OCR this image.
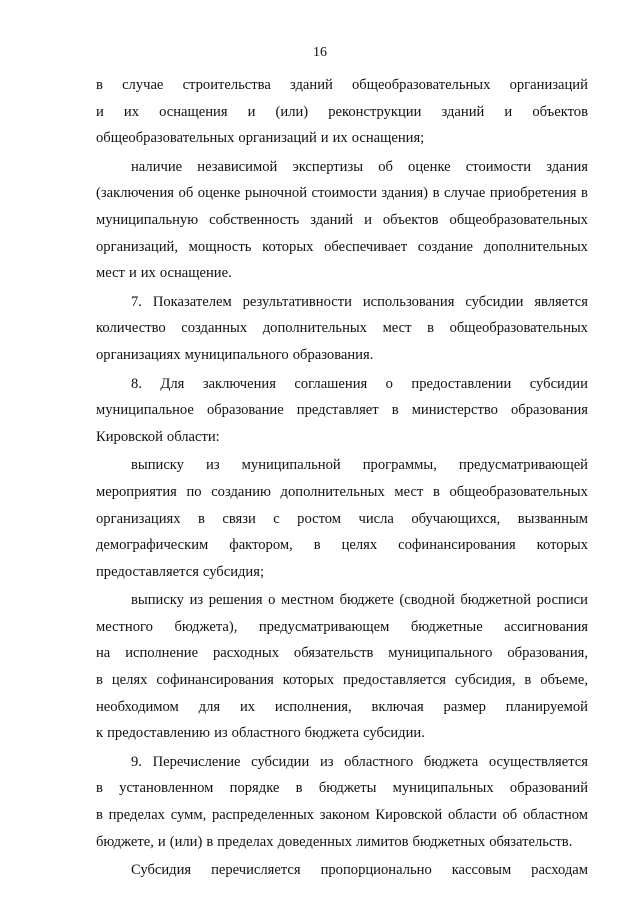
16
в случае строительства зданий общеобразовательных организаций
и их оснащения и (или) реконструкции зданий и объектов
общеобразовательных организаций и их оснащения;
наличие независимой экспертизы об оценке стоимости здания
(заключения об оценке рыночной стоимости здания) в случае приобретения в
муниципальную собственность зданий и объектов общеобразовательных
организаций, мощность которых обеспечивает создание дополнительных
мест и их оснащение.
7. Показателем результативности использования субсидии является
количество созданных дополнительных мест в общеобразовательных
организациях муниципального образования.
8. Для заключения соглашения о предоставлении субсидии
муниципальное образование представляет в министерство образования
Кировской области:
выписку из муниципальной программы, предусматривающей
мероприятия по созданию дополнительных мест в общеобразовательных
организациях в связи с ростом числа обучающихся, вызванным
демографическим фактором, в целях софинансирования которых
предоставляется субсидия;
выписку из решения о местном бюджете (сводной бюджетной росписи
местного бюджета), предусматривающем бюджетные ассигнования
на исполнение расходных обязательств муниципального образования,
в целях софинансирования которых предоставляется субсидия, в объеме,
необходимом для их исполнения, включая размер планируемой
к предоставлению из областного бюджета субсидии.
9. Перечисление субсидии из областного бюджета осуществляется
в установленном порядке в бюджеты муниципальных образований
в пределах сумм, распределенных законом Кировской области об областном
бюджете, и (или) в пределах доведенных лимитов бюджетных обязательств.
Субсидия перечисляется пропорционально кассовым расходам
